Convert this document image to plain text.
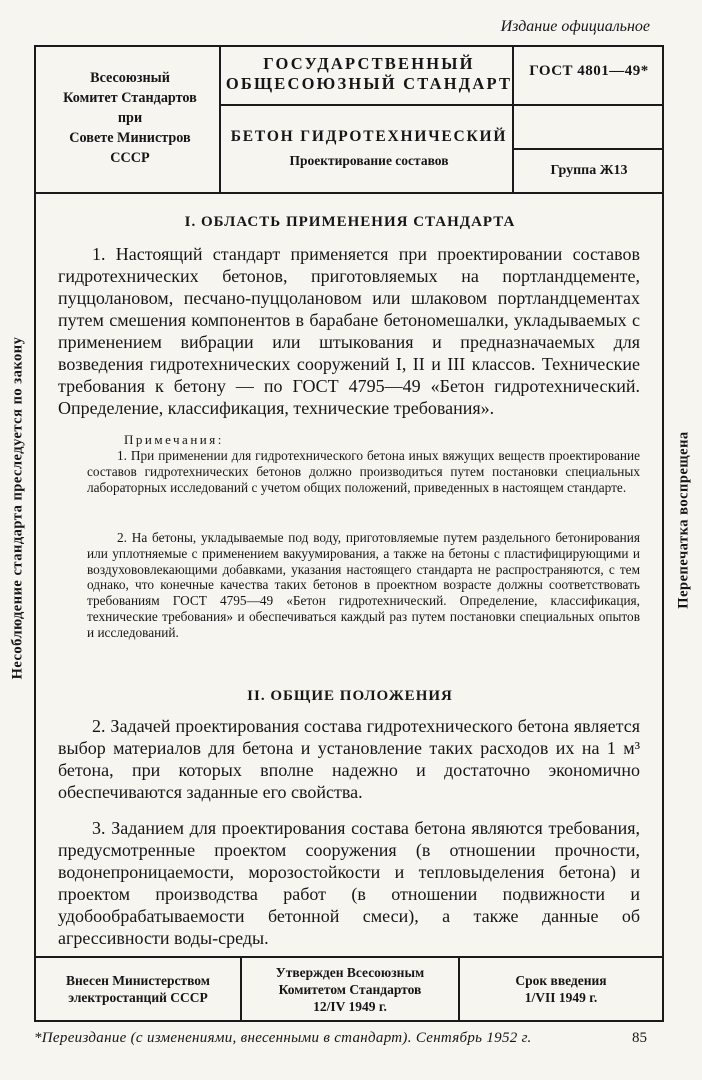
Издание официальное
Всесоюзный
Комитет Стандартов
при
Совете Министров
СССР
ГОСУДАРСТВЕННЫЙ
ОБЩЕСОЮЗНЫЙ СТАНДАРТ
ГОСТ 4801—49*
БЕТОН ГИДРОТЕХНИЧЕСКИЙ
Проектирование составов
Группа Ж13
I. ОБЛАСТЬ ПРИМЕНЕНИЯ СТАНДАРТА
1. Настоящий стандарт применяется при проектировании составов гидротехнических бетонов, приготовляемых на портландцементе, пуццолановом, песчано-пуццолановом или шлаковом портландцементах путем смешения компонентов в барабане бетономешалки, укладываемых с применением вибрации или штыкования и предназначаемых для возведения гидротехнических сооружений I, II и III классов. Технические требования к бетону — по ГОСТ 4795—49 «Бетон гидротехнический. Определение, классификация, технические требования».
Примечания:
1. При применении для гидротехнического бетона иных вяжущих веществ проектирование составов гидротехнических бетонов должно производиться путем постановки специальных лабораторных исследований с учетом общих положений, приведенных в настоящем стандарте.
2. На бетоны, укладываемые под воду, приготовляемые путем раздельного бетонирования или уплотняемые с применением вакуумирования, а также на бетоны с пластифицирующими и воздухововлекающими добавками, указания настоящего стандарта не распространяются, с тем однако, что конечные качества таких бетонов в проектном возрасте должны соответствовать требованиям ГОСТ 4795—49 «Бетон гидротехнический. Определение, классификация, технические требования» и обеспечиваться каждый раз путем постановки специальных опытов и исследований.
II. ОБЩИЕ ПОЛОЖЕНИЯ
2. Задачей проектирования состава гидротехнического бетона является выбор материалов для бетона и установление таких расходов их на 1 м³ бетона, при которых вполне надежно и достаточно экономично обеспечиваются заданные его свойства.
3. Заданием для проектирования состава бетона являются требования, предусмотренные проектом сооружения (в отношении прочности, водонепроницаемости, морозостойкости и тепловыделения бетона) и проектом производства работ (в отношении подвижности и удобообрабатываемости бетонной смеси), а также данные об агрессивности воды-среды.
Внесен Министерством
электростанций СССР
Утвержден Всесоюзным
Комитетом Стандартов
12/IV 1949 г.
Срок введения
1/VII 1949 г.
Несоблюдение стандарта преследуется по закону	Перепечатка воспрещена
*Переиздание (с изменениями, внесенными в стандарт). Сентябрь 1952 г.	85
